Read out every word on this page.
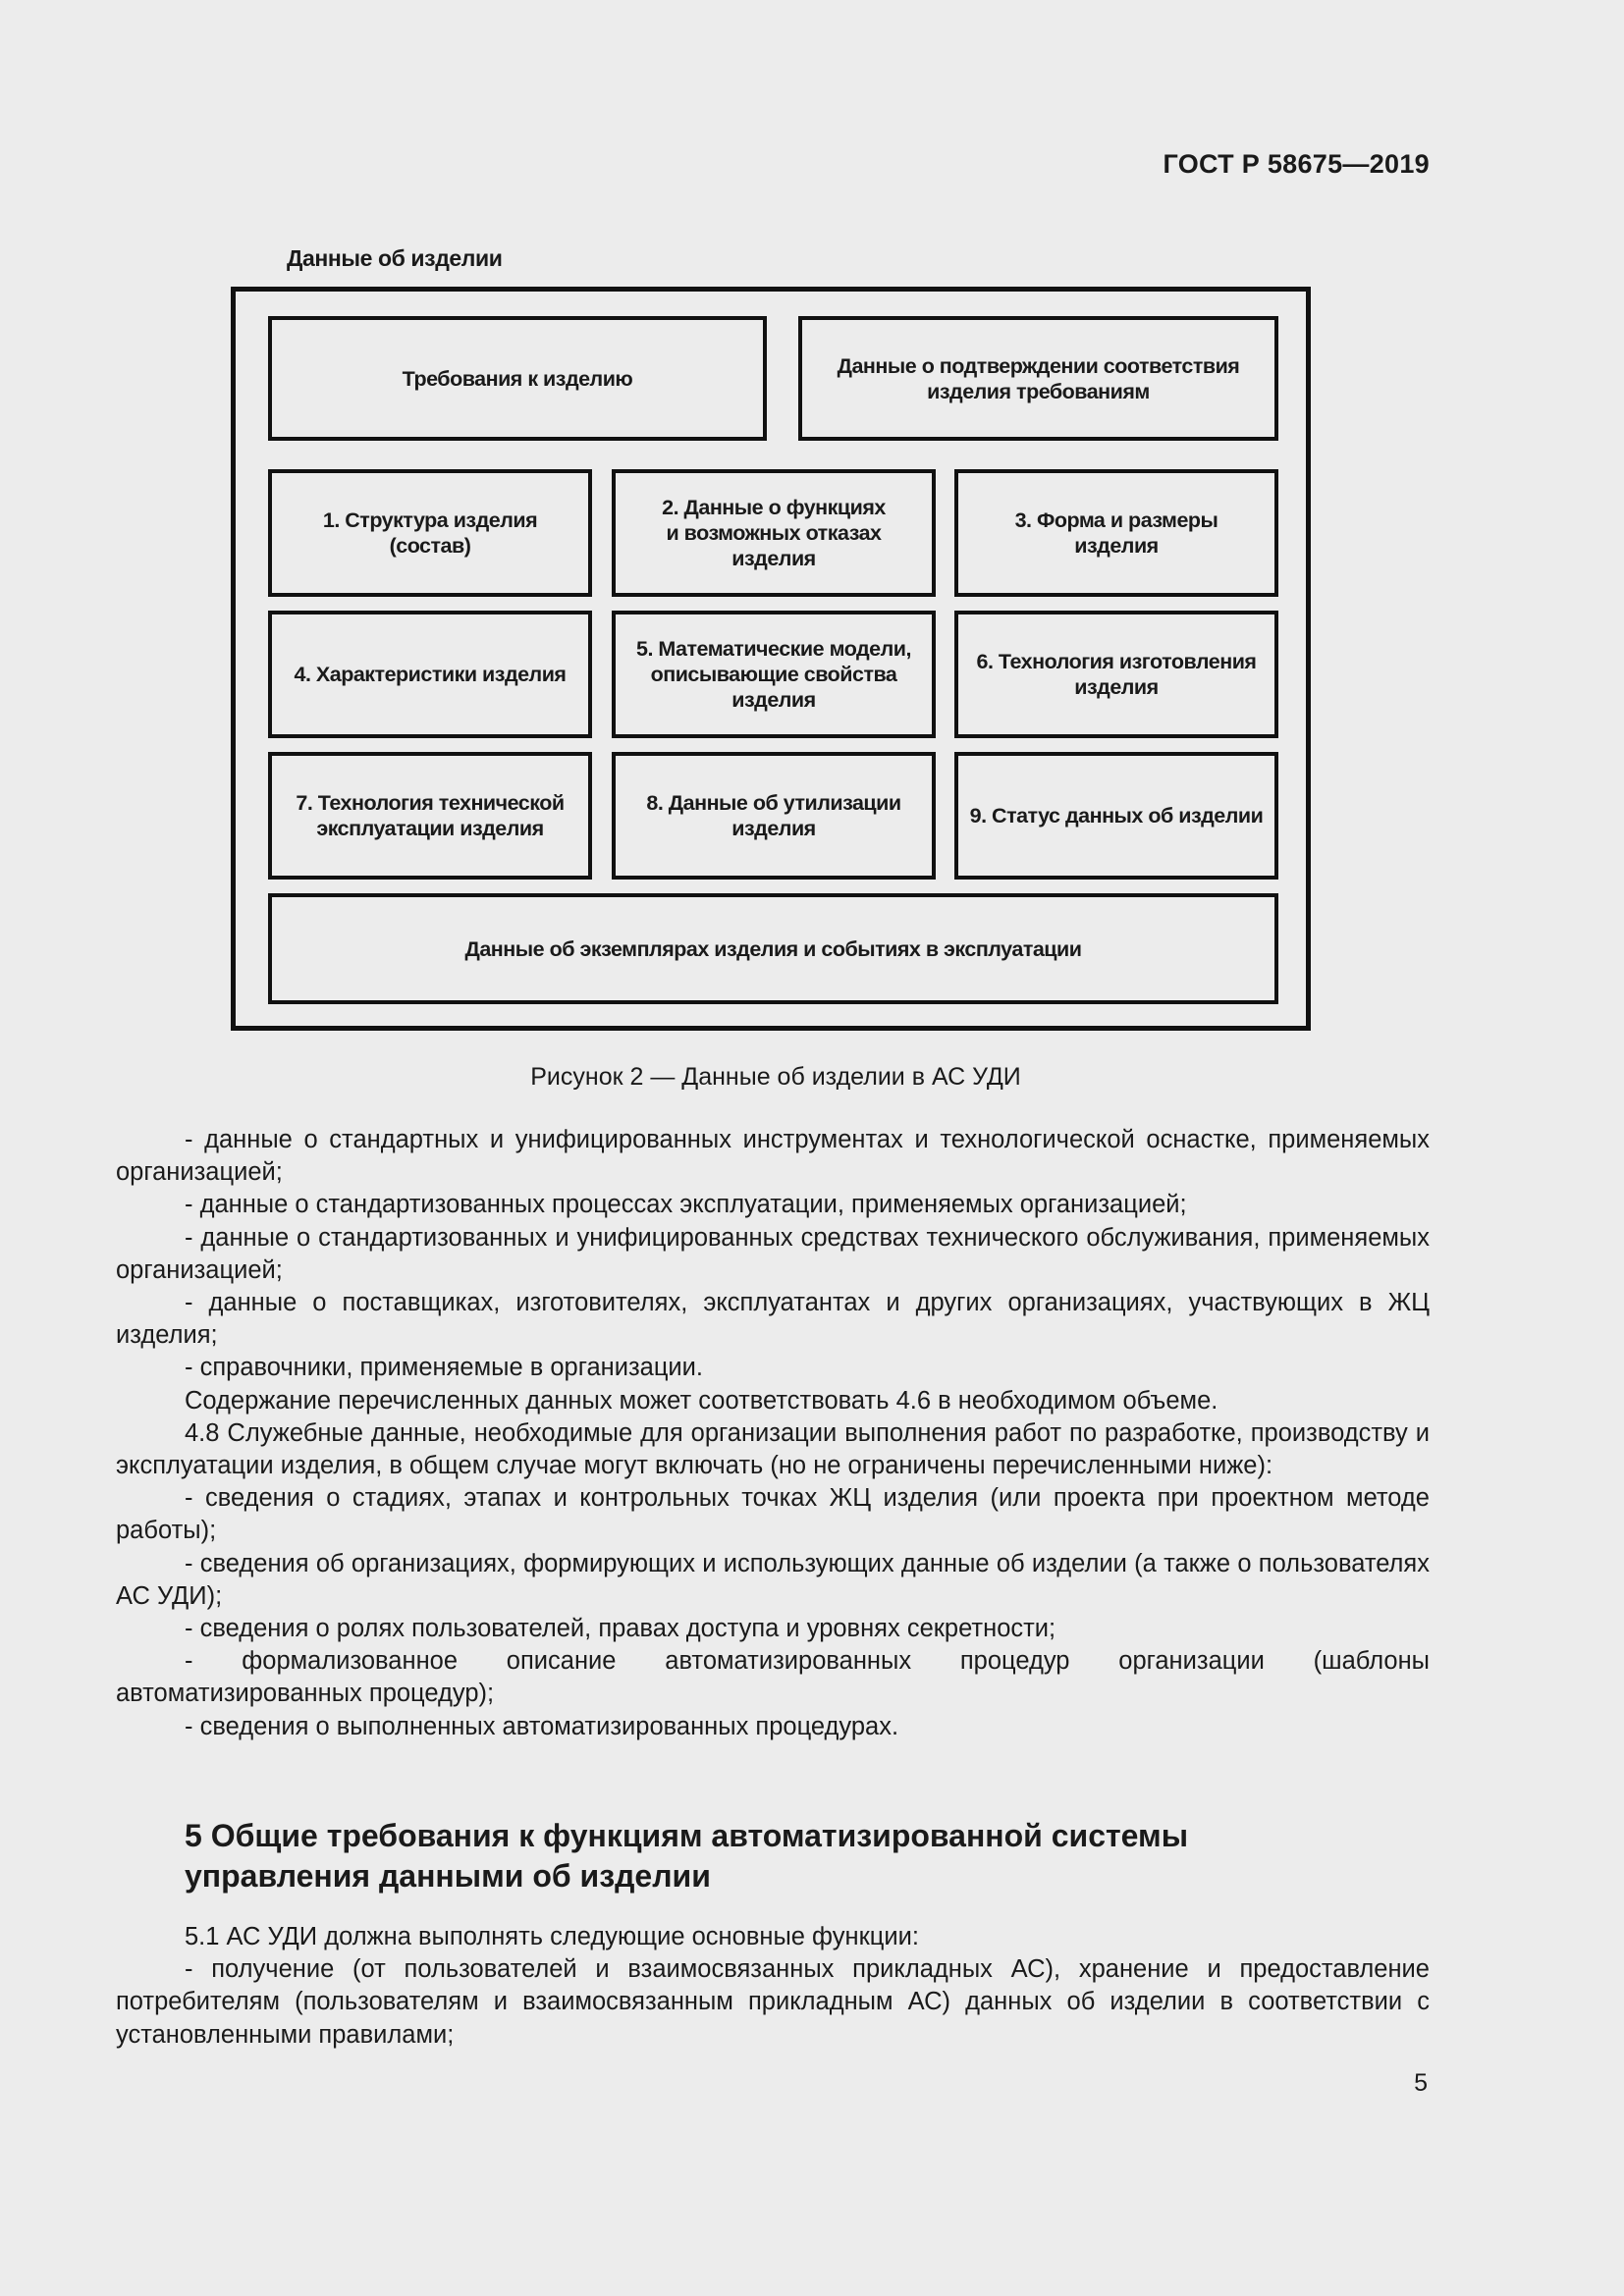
ГОСТ Р 58675—2019
Данные об изделии
Требования к изделию
Данные о подтверждении соответствия
изделия требованиям
1. Структура изделия
(состав)
2. Данные о функциях
и возможных отказах
изделия
3. Форма и размеры
изделия
4. Характеристики изделия
5. Математические модели,
описывающие свойства
изделия
6. Технология изготовления
изделия
7. Технология технической
эксплуатации изделия
8. Данные об утилизации
изделия
9. Статус данных об изделии
Данные об экземплярах изделия и событиях в эксплуатации
Рисунок 2 — Данные об изделии в АС УДИ

- данные о стандартных и унифицированных инструментах и технологической оснастке, применяемых организацией;

- данные о стандартизованных процессах эксплуатации, применяемых организацией;

- данные о стандартизованных и унифицированных средствах технического обслуживания, применяемых организацией;

- данные о поставщиках, изготовителях, эксплуатантах и других организациях, участвующих в ЖЦ изделия;

- справочники, применяемые в организации.

Содержание перечисленных данных может соответствовать 4.6 в необходимом объеме.

4.8 Служебные данные, необходимые для организации выполнения работ по разработке, производству и эксплуатации изделия, в общем случае могут включать (но не ограничены перечисленными ниже):

- сведения о стадиях, этапах и контрольных точках ЖЦ изделия (или проекта при проектном методе работы);

- сведения об организациях, формирующих и использующих данные об изделии (а также о пользователях АС УДИ);

- сведения о ролях пользователей, правах доступа и уровнях секретности;

- формализованное описание автоматизированных процедур организации (шаблоны автоматизированных процедур);

- сведения о выполненных автоматизированных процедурах.

5 Общие требования к функциям автоматизированной системы управления данными об изделии

5.1 АС УДИ должна выполнять следующие основные функции:

- получение (от пользователей и взаимосвязанных прикладных АС), хранение и предоставление потребителям (пользователям и взаимосвязанным прикладным АС) данных об изделии в соответствии с установленными правилами;

5
